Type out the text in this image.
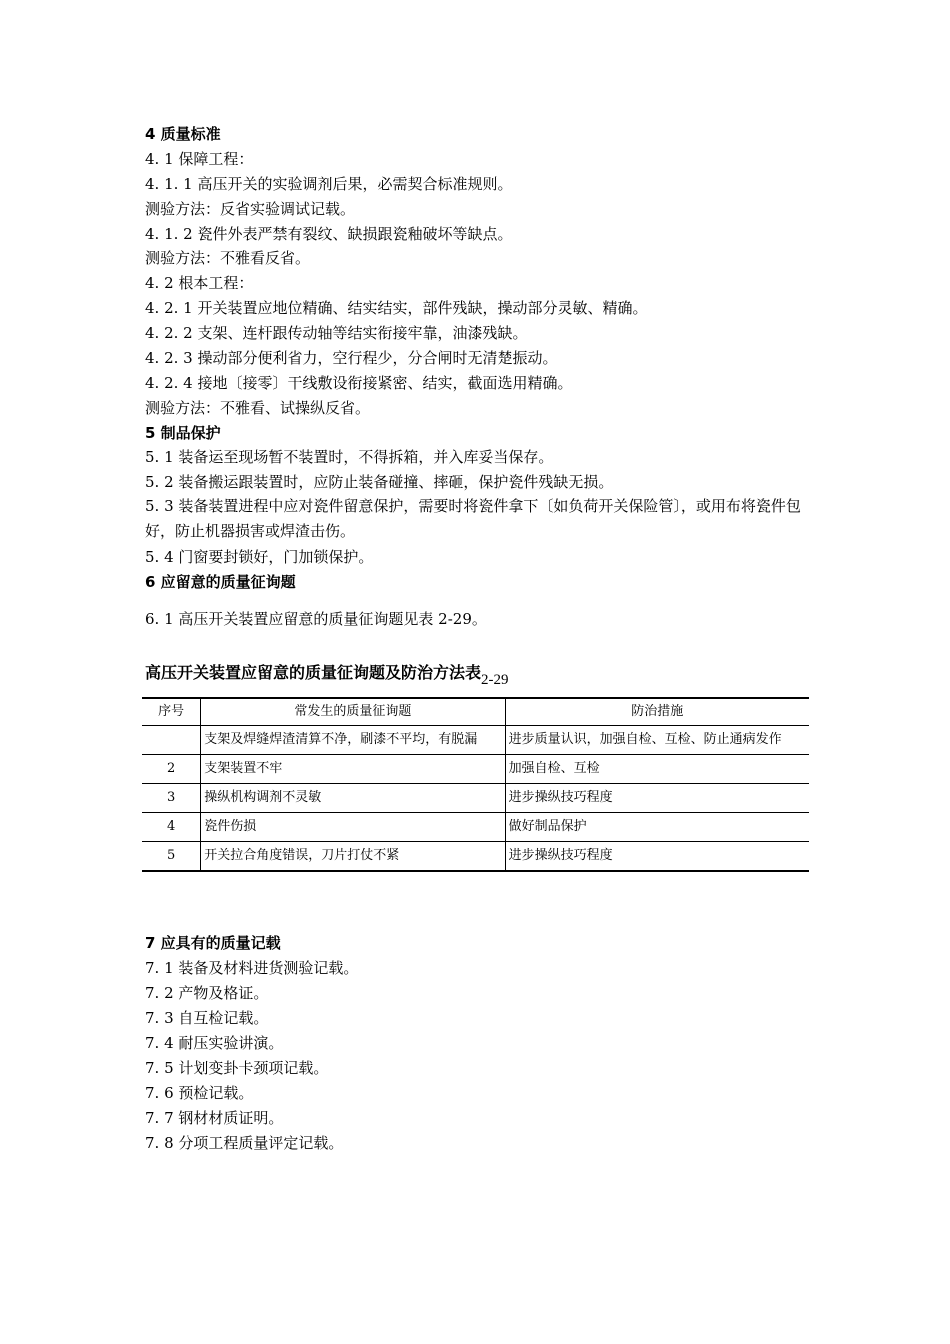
4 质量标准
4. 1 保障工程：
4. 1. 1 高压开关的实验调剂后果，必需契合标准规则。
测验方法：反省实验调试记载。
4. 1. 2 瓷件外表严禁有裂纹、缺损跟瓷釉破坏等缺点。
测验方法：不雅看反省。
4. 2 根本工程：
4. 2. 1 开关装置应地位精确、结实结实，部件残缺，操动部分灵敏、精确。
4. 2. 2 支架、连杆跟传动轴等结实衔接牢靠，油漆残缺。
4. 2. 3 操动部分便利省力，空行程少，分合闸时无清楚振动。
4. 2. 4 接地〔接零〕干线敷设衔接紧密、结实，截面选用精确。
测验方法：不雅看、试操纵反省。
5 制品保护
5. 1 装备运至现场暂不装置时，不得拆箱，并入库妥当保存。
5. 2 装备搬运跟装置时，应防止装备碰撞、摔砸，保护瓷件残缺无损。
5. 3 装备装置进程中应对瓷件留意保护，需要时将瓷件拿下〔如负荷开关保险管〕，或用布将瓷件包好，防止机器损害或焊渣击伤。
5. 4 门窗要封锁好，门加锁保护。
6 应留意的质量征询题
6. 1 高压开关装置应留意的质量征询题见表 2-29。
高压开关装置应留意的质量征询题及防治方法表2-29
序号	常发生的质量征询题	防治措施
	支架及焊缝焊渣清算不净，刷漆不平均，有脱漏	进步质量认识，加强自检、互检、防止通病发作
2	支架装置不牢	加强自检、互检
3	操纵机构调剂不灵敏	进步操纵技巧程度
4	瓷件伤损	做好制品保护
5	开关拉合角度错误，刀片打仗不紧	进步操纵技巧程度
7 应具有的质量记载
7. 1 装备及材料进货测验记载。
7. 2 产物及格证。
7. 3 自互检记载。
7. 4 耐压实验讲演。
7. 5 计划变卦卡颈项记载。
7. 6 预检记载。
7. 7 钢材材质证明。
7. 8 分项工程质量评定记载。
